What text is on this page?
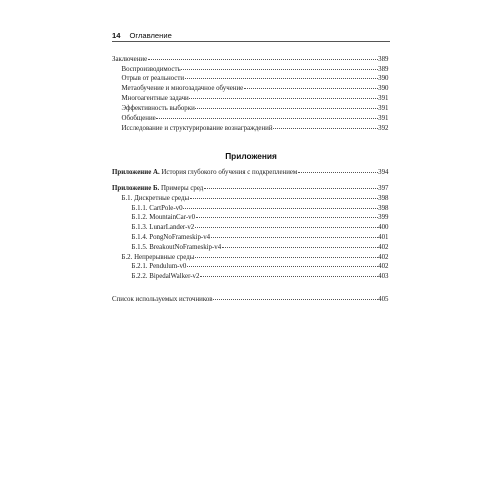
14 Оглавление
Заключение	389
Воспроизводимость	389
Отрыв от реальности	390
Метаобучение и многозадачное обучение	390
Многоагентные задачи	391
Эффективность выборки	391
Обобщение	391
Исследование и структурирование вознаграждений	392
Приложения
Приложение А. История глубокого обучения с подкреплением	394
Приложение Б. Примеры сред	397
Б.1. Дискретные среды	398
Б.1.1. CartPole-v0	398
Б.1.2. MountainCar-v0	399
Б.1.3. LunarLander-v2	400
Б.1.4. PongNoFrameskip-v4	401
Б.1.5. BreakoutNoFrameskip-v4	402
Б.2. Непрерывные среды	402
Б.2.1. Pendulum-v0	402
Б.2.2. BipedalWalker-v2	403
Список используемых источников	405
